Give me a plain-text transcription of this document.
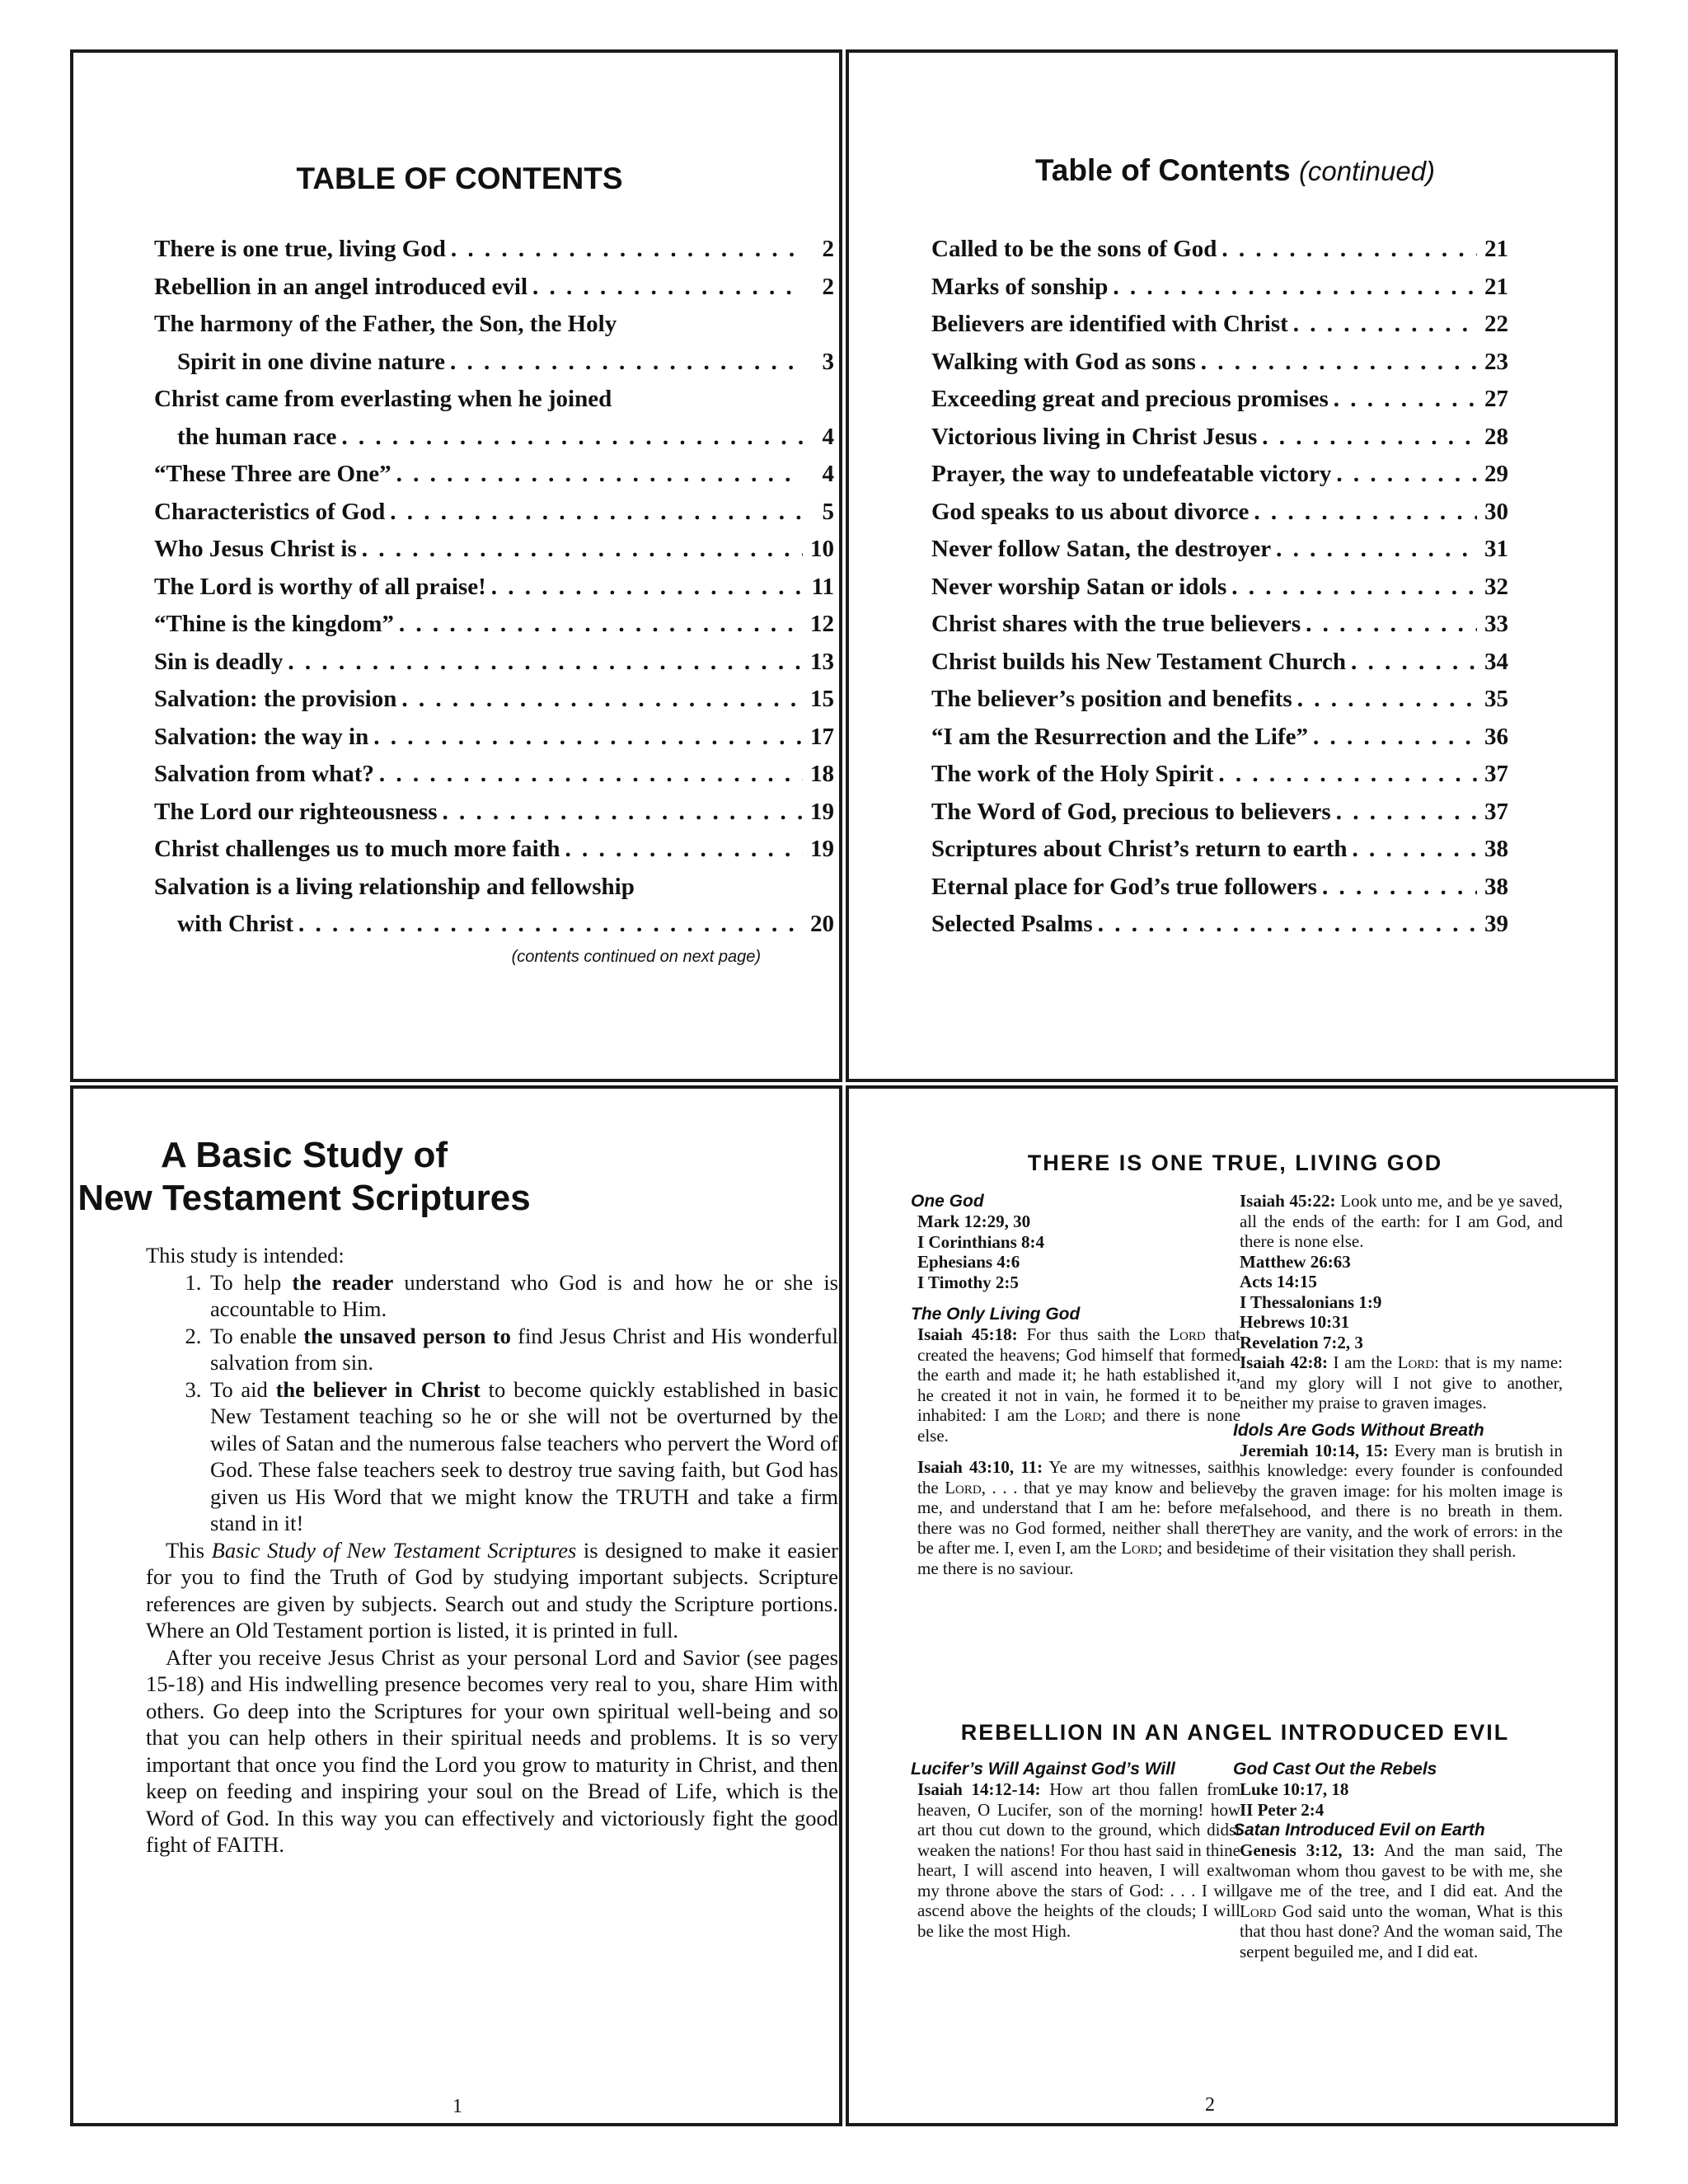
TABLE OF CONTENTS
There is one true, living God . . .	2
Rebellion in an angel introduced evil . . .	2
The harmony of the Father, the Son, the Holy
Spirit in one divine nature . . .	3
Christ came from everlasting when he joined
the human race . . .	4
“These Three are One” . . .	4
Characteristics of God . . .	5
Who Jesus Christ is . . .	10
The Lord is worthy of all praise! . . .	11
“Thine is the kingdom” . . .	12
Sin is deadly . . .	13
Salvation: the provision . . .	15
Salvation: the way in . . .	17
Salvation from what? . . .	18
The Lord our righteousness . . .	19
Christ challenges us to much more faith . . .	19
Salvation is a living relationship and fellowship
with Christ . . .	20
(contents continued on next page)
Table of Contents (continued)
Called to be the sons of God . . .	21
Marks of sonship . . .	21
Believers are identified with Christ . . .	22
Walking with God as sons . . .	23
Exceeding great and precious promises . . .	27
Victorious living in Christ Jesus . . .	28
Prayer, the way to undefeatable victory . . .	29
God speaks to us about divorce . . .	30
Never follow Satan, the destroyer . . .	31
Never worship Satan or idols . . .	32
Christ shares with the true believers . . .	33
Christ builds his New Testament Church . . .	34
The believer’s position and benefits . . .	35
“I am the Resurrection and the Life” . . .	36
The work of the Holy Spirit . . .	37
The Word of God, precious to believers . . .	37
Scriptures about Christ’s return to earth . . .	38
Eternal place for God’s true followers . . .	38
Selected Psalms . . .	39
A Basic Study of
New Testament Scriptures

This study is intended:

1. To help the reader understand who God is and how he or she is accountable to Him.
2. To enable the unsaved person to find Jesus Christ and His wonderful salvation from sin.
3. To aid the believer in Christ to become quickly established in basic New Testament teaching so he or she will not be overturned by the wiles of Satan and the numerous false teachers who pervert the Word of God. These false teachers seek to destroy true saving faith, but God has given us His Word that we might know the TRUTH and take a firm stand in it!

This Basic Study of New Testament Scriptures is designed to make it easier for you to find the Truth of God by studying important subjects. Scripture references are given by subjects. Search out and study the Scripture portions. Where an Old Testament portion is listed, it is printed in full.

After you receive Jesus Christ as your personal Lord and Savior (see pages 15-18) and His indwelling presence becomes very real to you, share Him with others. Go deep into the Scriptures for your own spiritual well-being and so that you can help others in their spiritual needs and problems. It is so very important that once you find the Lord you grow to maturity in Christ, and then keep on feeding and inspiring your soul on the Bread of Life, which is the Word of God. In this way you can effectively and victoriously fight the good fight of FAITH.

1
THERE IS ONE TRUE, LIVING GOD
One God
Mark 12:29, 30
I Corinthians 8:4
Ephesians 4:6
I Timothy 2:5
The Only Living God
Isaiah 45:18: For thus saith the Lord that created the heavens; God himself that formed the earth and made it; he hath established it, he created it not in vain, he formed it to be inhabited: I am the Lord; and there is none else.
Isaiah 43:10, 11: Ye are my witnesses, saith the Lord, . . . that ye may know and believe me, and understand that I am he: before me there was no God formed, neither shall there be after me. I, even I, am the Lord; and beside me there is no saviour.
Isaiah 45:22: Look unto me, and be ye saved, all the ends of the earth: for I am God, and there is none else.
Matthew 26:63
Acts 14:15
I Thessalonians 1:9
Hebrews 10:31
Revelation 7:2, 3
Isaiah 42:8: I am the Lord: that is my name: and my glory will I not give to another, neither my praise to graven images.
Idols Are Gods Without Breath
Jeremiah 10:14, 15: Every man is brutish in his knowledge: every founder is confounded by the graven image: for his molten image is falsehood, and there is no breath in them. They are vanity, and the work of errors: in the time of their visitation they shall perish.
REBELLION IN AN ANGEL INTRODUCED EVIL
Lucifer’s Will Against God’s Will
Isaiah 14:12-14: How art thou fallen from heaven, O Lucifer, son of the morning! how art thou cut down to the ground, which didst weaken the nations! For thou hast said in thine heart, I will ascend into heaven, I will exalt my throne above the stars of God: . . . I will ascend above the heights of the clouds; I will be like the most High.
God Cast Out the Rebels
Luke 10:17, 18
II Peter 2:4
Satan Introduced Evil on Earth
Genesis 3:12, 13: And the man said, The woman whom thou gavest to be with me, she gave me of the tree, and I did eat. And the Lord God said unto the woman, What is this that thou hast done? And the woman said, The serpent beguiled me, and I did eat.
2
